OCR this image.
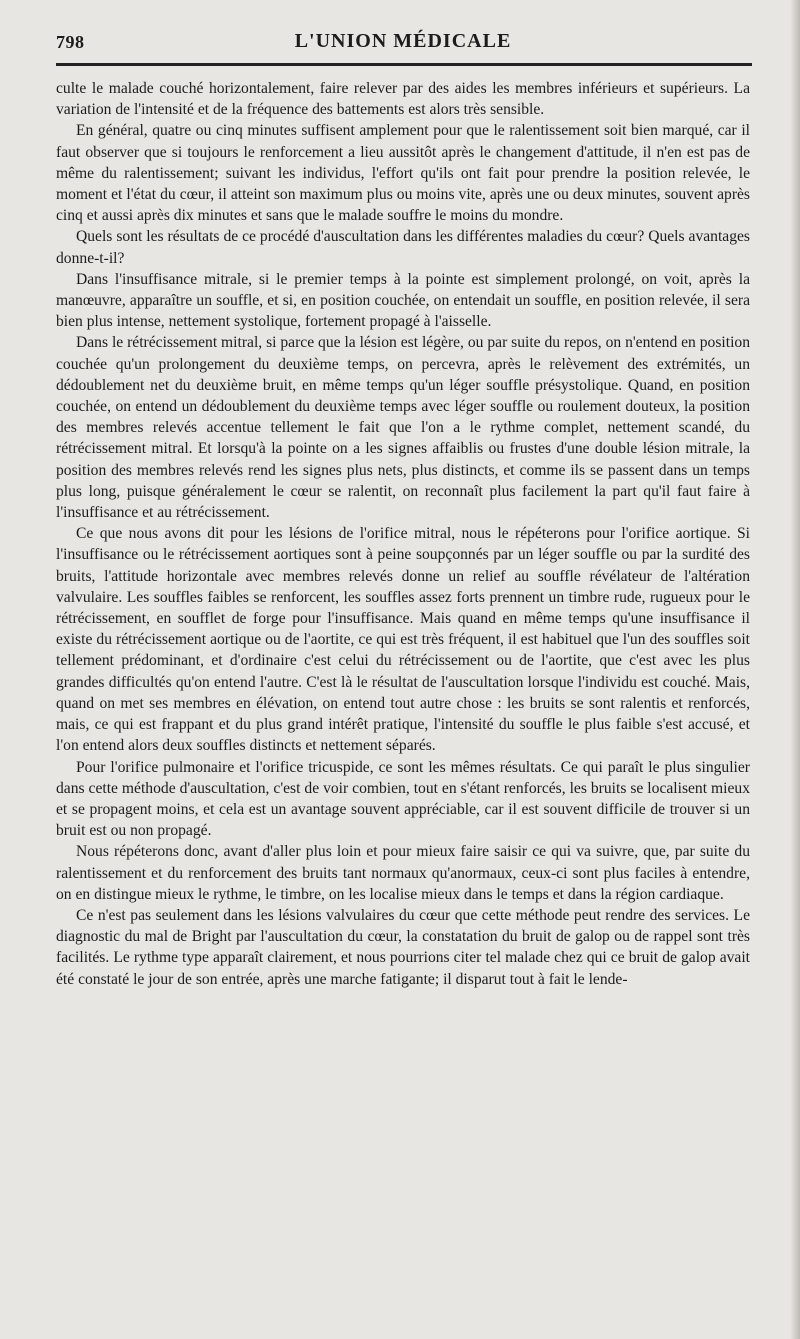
798	L'UNION MÉDICALE

culte le malade couché horizontalement, faire relever par des aides les membres inférieurs et supérieurs. La variation de l'intensité et de la fréquence des battements est alors très sensible.

En général, quatre ou cinq minutes suffisent amplement pour que le ralentissement soit bien marqué, car il faut observer que si toujours le renforcement a lieu aussitôt après le changement d'attitude, il n'en est pas de même du ralentissement; suivant les individus, l'effort qu'ils ont fait pour prendre la position relevée, le moment et l'état du cœur, il atteint son maximum plus ou moins vite, après une ou deux minutes, souvent après cinq et aussi après dix minutes et sans que le malade souffre le moins du mondre.

Quels sont les résultats de ce procédé d'auscultation dans les différentes maladies du cœur? Quels avantages donne-t-il?

Dans l'insuffisance mitrale, si le premier temps à la pointe est simplement prolongé, on voit, après la manœuvre, apparaître un souffle, et si, en position couchée, on entendait un souffle, en position relevée, il sera bien plus intense, nettement systolique, fortement propagé à l'aisselle.

Dans le rétrécissement mitral, si parce que la lésion est légère, ou par suite du repos, on n'entend en position couchée qu'un prolongement du deuxième temps, on percevra, après le relèvement des extrémités, un dédoublement net du deuxième bruit, en même temps qu'un léger souffle présystolique. Quand, en position couchée, on entend un dédoublement du deuxième temps avec léger souffle ou roulement douteux, la position des membres relevés accentue tellement le fait que l'on a le rythme complet, nettement scandé, du rétrécissement mitral. Et lorsqu'à la pointe on a les signes affaiblis ou frustes d'une double lésion mitrale, la position des membres relevés rend les signes plus nets, plus distincts, et comme ils se passent dans un temps plus long, puisque généralement le cœur se ralentit, on reconnaît plus facilement la part qu'il faut faire à l'insuffisance et au rétrécissement.

Ce que nous avons dit pour les lésions de l'orifice mitral, nous le répéterons pour l'orifice aortique. Si l'insuffisance ou le rétrécissement aortiques sont à peine soupçonnés par un léger souffle ou par la surdité des bruits, l'attitude horizontale avec membres relevés donne un relief au souffle révélateur de l'altération valvulaire. Les souffles faibles se renforcent, les souffles assez forts prennent un timbre rude, rugueux pour le rétrécissement, en soufflet de forge pour l'insuffisance. Mais quand en même temps qu'une insuffisance il existe du rétrécissement aortique ou de l'aortite, ce qui est très fréquent, il est habituel que l'un des souffles soit tellement prédominant, et d'ordinaire c'est celui du rétrécissement ou de l'aortite, que c'est avec les plus grandes difficultés qu'on entend l'autre. C'est là le résultat de l'auscultation lorsque l'individu est couché. Mais, quand on met ses membres en élévation, on entend tout autre chose : les bruits se sont ralentis et renforcés, mais, ce qui est frappant et du plus grand intérêt pratique, l'intensité du souffle le plus faible s'est accusé, et l'on entend alors deux souffles distincts et nettement séparés.

Pour l'orifice pulmonaire et l'orifice tricuspide, ce sont les mêmes résultats. Ce qui paraît le plus singulier dans cette méthode d'auscultation, c'est de voir combien, tout en s'étant renforcés, les bruits se localisent mieux et se propagent moins, et cela est un avantage souvent appréciable, car il est souvent difficile de trouver si un bruit est ou non propagé.

Nous répéterons donc, avant d'aller plus loin et pour mieux faire saisir ce qui va suivre, que, par suite du ralentissement et du renforcement des bruits tant normaux qu'anormaux, ceux-ci sont plus faciles à entendre, on en distingue mieux le rythme, le timbre, on les localise mieux dans le temps et dans la région cardiaque.

Ce n'est pas seulement dans les lésions valvulaires du cœur que cette méthode peut rendre des services. Le diagnostic du mal de Bright par l'auscultation du cœur, la constatation du bruit de galop ou de rappel sont très facilités. Le rythme type apparaît clairement, et nous pourrions citer tel malade chez qui ce bruit de galop avait été constaté le jour de son entrée, après une marche fatigante; il disparut tout à fait le lende-
